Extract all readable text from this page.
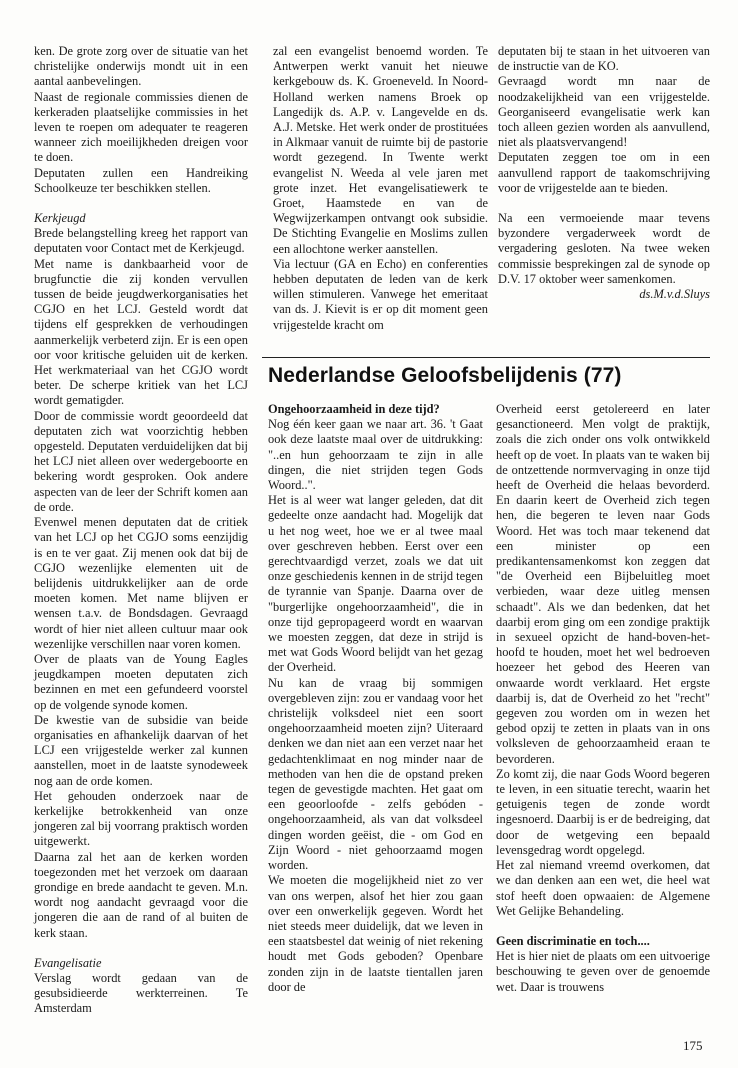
ken. De grote zorg over de situatie van het christelijke onderwijs mondt uit in een aantal aanbevelingen.

Naast de regionale commissies dienen de kerkeraden plaatselijke commissies in het leven te roepen om adequater te reageren wanneer zich moeilijkheden dreigen voor te doen.

Deputaten zullen een Handreiking Schoolkeuze ter beschikken stellen.

Kerkjeugd

Brede belangstelling kreeg het rapport van deputaten voor Contact met de Kerkjeugd.

Met name is dankbaarheid voor de brugfunctie die zij konden vervullen tussen de beide jeugdwerkorganisaties het CGJO en het LCJ. Gesteld wordt dat tijdens elf gesprekken de verhoudingen aanmerkelijk verbeterd zijn. Er is een open oor voor kritische geluiden uit de kerken. Het werkmateriaal van het CGJO wordt beter. De scherpe kritiek van het LCJ wordt gematigder.

Door de commissie wordt geoordeeld dat deputaten zich wat voorzichtig hebben opgesteld. Deputaten verduidelijken dat bij het LCJ niet alleen over wedergeboorte en bekering wordt gesproken. Ook andere aspecten van de leer der Schrift komen aan de orde.

Evenwel menen deputaten dat de critiek van het LCJ op het CGJO soms eenzijdig is en te ver gaat. Zij menen ook dat bij de CGJO wezenlijke elementen uit de belijdenis uitdrukkelijker aan de orde moeten komen. Met name blijven er wensen t.a.v. de Bondsdagen. Gevraagd wordt of hier niet alleen cultuur maar ook wezenlijke verschillen naar voren komen.

Over de plaats van de Young Eagles jeugdkampen moeten deputaten zich bezinnen en met een gefundeerd voorstel op de volgende synode komen.

De kwestie van de subsidie van beide organisaties en afhankelijk daarvan of het LCJ een vrijgestelde werker zal kunnen aanstellen, moet in de laatste synodeweek nog aan de orde komen.

Het gehouden onderzoek naar de kerkelijke betrokkenheid van onze jongeren zal bij voorrang praktisch worden uitgewerkt.

Daarna zal het aan de kerken worden toegezonden met het verzoek om daaraan grondige en brede aandacht te geven. M.n. wordt nog aandacht gevraagd voor die jongeren die aan de rand of al buiten de kerk staan.

Evangelisatie

Verslag wordt gedaan van de gesubsidieerde werkterreinen. Te Amsterdam

zal een evangelist benoemd worden. Te Antwerpen werkt vanuit het nieuwe kerkgebouw ds. K. Groeneveld. In Noord-Holland werken namens Broek op Langedijk ds. A.P. v. Langevelde en ds. A.J. Metske. Het werk onder de prostituées in Alkmaar vanuit de ruimte bij de pastorie wordt gezegend. In Twente werkt evangelist N. Weeda al vele jaren met grote inzet. Het evangelisatiewerk te Groet, Haamstede en van de Wegwijzerkampen ontvangt ook subsidie. De Stichting Evangelie en Moslims zullen een allochtone werker aanstellen.

Via lectuur (GA en Echo) en conferenties hebben deputaten de leden van de kerk willen stimuleren. Vanwege het emeritaat van ds. J. Kievit is er op dit moment geen vrijgestelde kracht om

deputaten bij te staan in het uitvoeren van de instructie van de KO.

Gevraagd wordt mn naar de noodzakelijkheid van een vrijgestelde. Georganiseerd evangelisatie werk kan toch alleen gezien worden als aanvullend, niet als plaatsvervangend!

Deputaten zeggen toe om in een aanvullend rapport de taakomschrijving voor de vrijgestelde aan te bieden.

Na een vermoeiende maar tevens byzondere vergaderweek wordt de vergadering gesloten. Na twee weken commissie besprekingen zal de synode op D.V. 17 oktober weer samenkomen.

ds.M.v.d.Sluys

Nederlandse Geloofsbelijdenis (77)

Ongehoorzaamheid in deze tijd?

Nog één keer gaan we naar art. 36. 't Gaat ook deze laatste maal over de uitdrukking: "..en hun gehoorzaam te zijn in alle dingen, die niet strijden tegen Gods Woord..".

Het is al weer wat langer geleden, dat dit gedeelte onze aandacht had. Mogelijk dat u het nog weet, hoe we er al twee maal over geschreven hebben. Eerst over een gerechtvaardigd verzet, zoals we dat uit onze geschiedenis kennen in de strijd tegen de tyrannie van Spanje. Daarna over de "burgerlijke ongehoorzaamheid", die in onze tijd gepropageerd wordt en waarvan we moesten zeggen, dat deze in strijd is met wat Gods Woord belijdt van het gezag der Overheid.

Nu kan de vraag bij sommigen overgebleven zijn: zou er vandaag voor het christelijk volksdeel niet een soort ongehoorzaamheid moeten zijn? Uiteraard denken we dan niet aan een verzet naar het gedachtenklimaat en nog minder naar de methoden van hen die de opstand preken tegen de gevestigde machten. Het gaat om een geoorloofde - zelfs gebóden - ongehoorzaamheid, als van dat volksdeel dingen worden geëist, die - om God en Zijn Woord - niet gehoorzaamd mogen worden.

We moeten die mogelijkheid niet zo ver van ons werpen, alsof het hier zou gaan over een onwerkelijk gegeven. Wordt het niet steeds meer duidelijk, dat we leven in een staatsbestel dat weinig of niet rekening houdt met Gods geboden? Openbare zonden zijn in de laatste tientallen jaren door de

Overheid eerst getolereerd en later gesanctioneerd. Men volgt de praktijk, zoals die zich onder ons volk ontwikkeld heeft op de voet. In plaats van te waken bij de ontzettende normvervaging in onze tijd heeft de Overheid die helaas bevorderd. En daarin keert de Overheid zich tegen hen, die begeren te leven naar Gods Woord. Het was toch maar tekenend dat een minister op een predikantensamenkomst kon zeggen dat "de Overheid een Bijbeluitleg moet verbieden, waar deze uitleg mensen schaadt". Als we dan bedenken, dat het daarbij erom ging om een zondige praktijk in sexueel opzicht de hand-boven-het-hoofd te houden, moet het wel bedroeven hoezeer het gebod des Heeren van onwaarde wordt verklaard. Het ergste daarbij is, dat de Overheid zo het "recht" gegeven zou worden om in wezen het gebod opzij te zetten in plaats van in ons volksleven de gehoorzaamheid eraan te bevorderen.

Zo komt zij, die naar Gods Woord begeren te leven, in een situatie terecht, waarin het getuigenis tegen de zonde wordt ingesnoerd. Daarbij is er de bedreiging, dat door de wetgeving een bepaald levensgedrag wordt opgelegd.

Het zal niemand vreemd overkomen, dat we dan denken aan een wet, die heel wat stof heeft doen opwaaien: de Algemene Wet Gelijke Behandeling.

Geen discriminatie en toch....

Het is hier niet de plaats om een uitvoerige beschouwing te geven over de genoemde wet. Daar is trouwens

175
